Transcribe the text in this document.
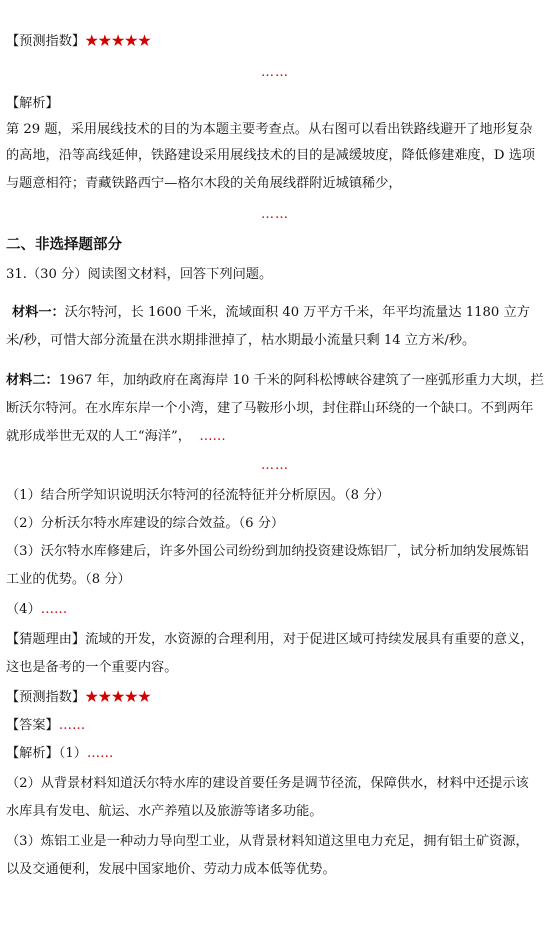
【预测指数】★★★★★
……
【解析】
第 29 题，采用展线技术的目的为本题主要考查点。从右图可以看出铁路线避开了地形复杂
的高地，沿等高线延伸，铁路建设采用展线技术的目的是减缓坡度，降低修建难度，D 选项
与题意相符；青藏铁路西宁—格尔木段的关角展线群附近城镇稀少，
……
二、非选择题部分
31.（30 分）阅读图文材料，回答下列问题。
材料一：沃尔特河，长 1600 千米，流域面积 40 万平方千米，年平均流量达 1180 立方
米/秒，可惜大部分流量在洪水期排泄掉了，枯水期最小流量只剩 14 立方米/秒。
材料二：1967 年，加纳政府在离海岸 10 千米的阿科松博峡谷建筑了一座弧形重力大坝，拦
断沃尔特河。在水库东岸一个小湾，建了马鞍形小坝，封住群山环绕的一个缺口。不到两年
就形成举世无双的人工“海洋”， ……
……
（1）结合所学知识说明沃尔特河的径流特征并分析原因。（8 分）
（2）分析沃尔特水库建设的综合效益。（6 分）
（3）沃尔特水库修建后，许多外国公司纷纷到加纳投资建设炼铝厂，试分析加纳发展炼铝
工业的优势。（8 分）
（4）……
【猜题理由】流域的开发，水资源的合理利用，对于促进区域可持续发展具有重要的意义，
这也是备考的一个重要内容。
【预测指数】★★★★★
【答案】……
【解析】（1）……
（2）从背景材料知道沃尔特水库的建设首要任务是调节径流，保障供水，材料中还提示该
水库具有发电、航运、水产养殖以及旅游等诸多功能。
（3）炼铝工业是一种动力导向型工业，从背景材料知道这里电力充足，拥有铝土矿资源，
以及交通便利，发展中国家地价、劳动力成本低等优势。
